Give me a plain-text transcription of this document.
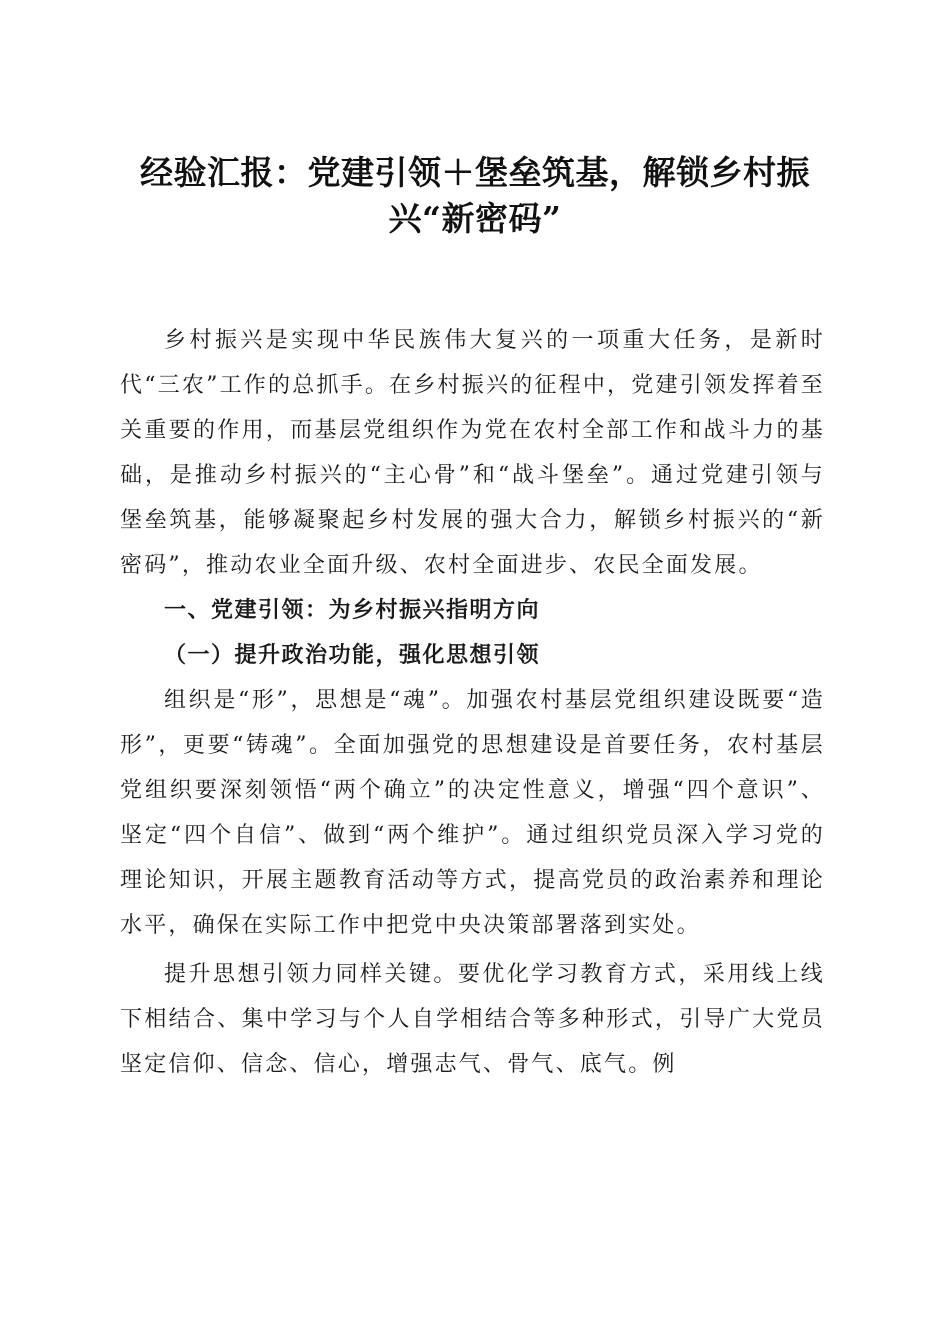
经验汇报：党建引领＋堡垒筑基，解锁乡村振兴“新密码”

乡村振兴是实现中华民族伟大复兴的一项重大任务，是新时代“三农”工作的总抓手。在乡村振兴的征程中，党建引领发挥着至关重要的作用，而基层党组织作为党在农村全部工作和战斗力的基础，是推动乡村振兴的“主心骨”和“战斗堡垒”。通过党建引领与堡垒筑基，能够凝聚起乡村发展的强大合力，解锁乡村振兴的“新密码”，推动农业全面升级、农村全面进步、农民全面发展。

一、党建引领：为乡村振兴指明方向
（一）提升政治功能，强化思想引领

组织是“形”，思想是“魂”。加强农村基层党组织建设既要“造形”，更要“铸魂”。全面加强党的思想建设是首要任务，农村基层党组织要深刻领悟“两个确立”的决定性意义，增强“四个意识”、坚定“四个自信”、做到“两个维护”。通过组织党员深入学习党的理论知识，开展主题教育活动等方式，提高党员的政治素养和理论水平，确保在实际工作中把党中央决策部署落到实处。

提升思想引领力同样关键。要优化学习教育方式，采用线上线下相结合、集中学习与个人自学相结合等多种形式，引导广大党员坚定信仰、信念、信心，增强志气、骨气、底气。例
